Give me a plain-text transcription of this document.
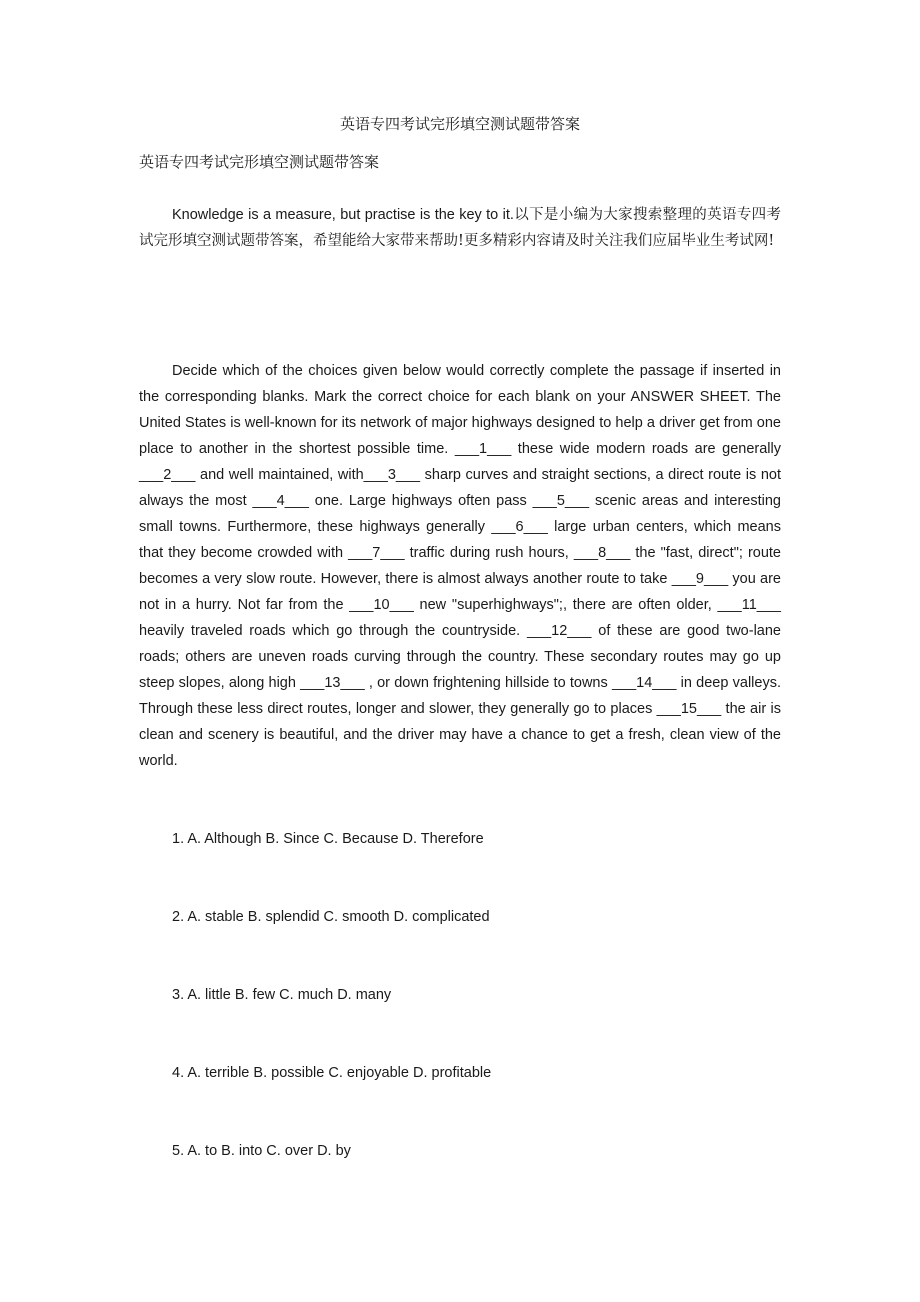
英语专四考试完形填空测试题带答案
英语专四考试完形填空测试题带答案
Knowledge is a measure, but practise is the key to it.以下是小编为大家搜索整理的英语专四考试完形填空测试题带答案，希望能给大家带来帮助!更多精彩内容请及时关注我们应届毕业生考试网!

Decide which of the choices given below would correctly complete the passage if inserted in the corresponding blanks. Mark the correct choice for each blank on your ANSWER SHEET. The United States is well-known for its network of major highways designed to help a driver get from one place to another in the shortest possible time. ___1___ these wide modern roads are generally ___2___ and well maintained, with___3___ sharp curves and straight sections, a direct route is not always the most ___4___ one. Large highways often pass ___5___ scenic areas and interesting small towns. Furthermore, these highways generally ___6___ large urban centers, which means that they become crowded with ___7___ traffic during rush hours, ___8___ the "fast, direct"; route becomes a very slow route. However, there is almost always another route to take ___9___ you are not in a hurry. Not far from the ___10___ new "superhighways";, there are often older, ___11___ heavily traveled roads which go through the countryside. ___12___ of these are good two-lane roads; others are uneven roads curving through the country. These secondary routes may go up steep slopes, along high ___13___ , or down frightening hillside to towns ___14___ in deep valleys. Through these less direct routes, longer and slower, they generally go to places ___15___ the air is clean and scenery is beautiful, and the driver may have a chance to get a fresh, clean view of the world.

1. A. Although B. Since C. Because D. Therefore
2. A. stable B. splendid C. smooth D. complicated
3. A. little B. few C. much D. many
4. A. terrible B. possible C. enjoyable D. profitable
5. A. to B. into C. over D. by
